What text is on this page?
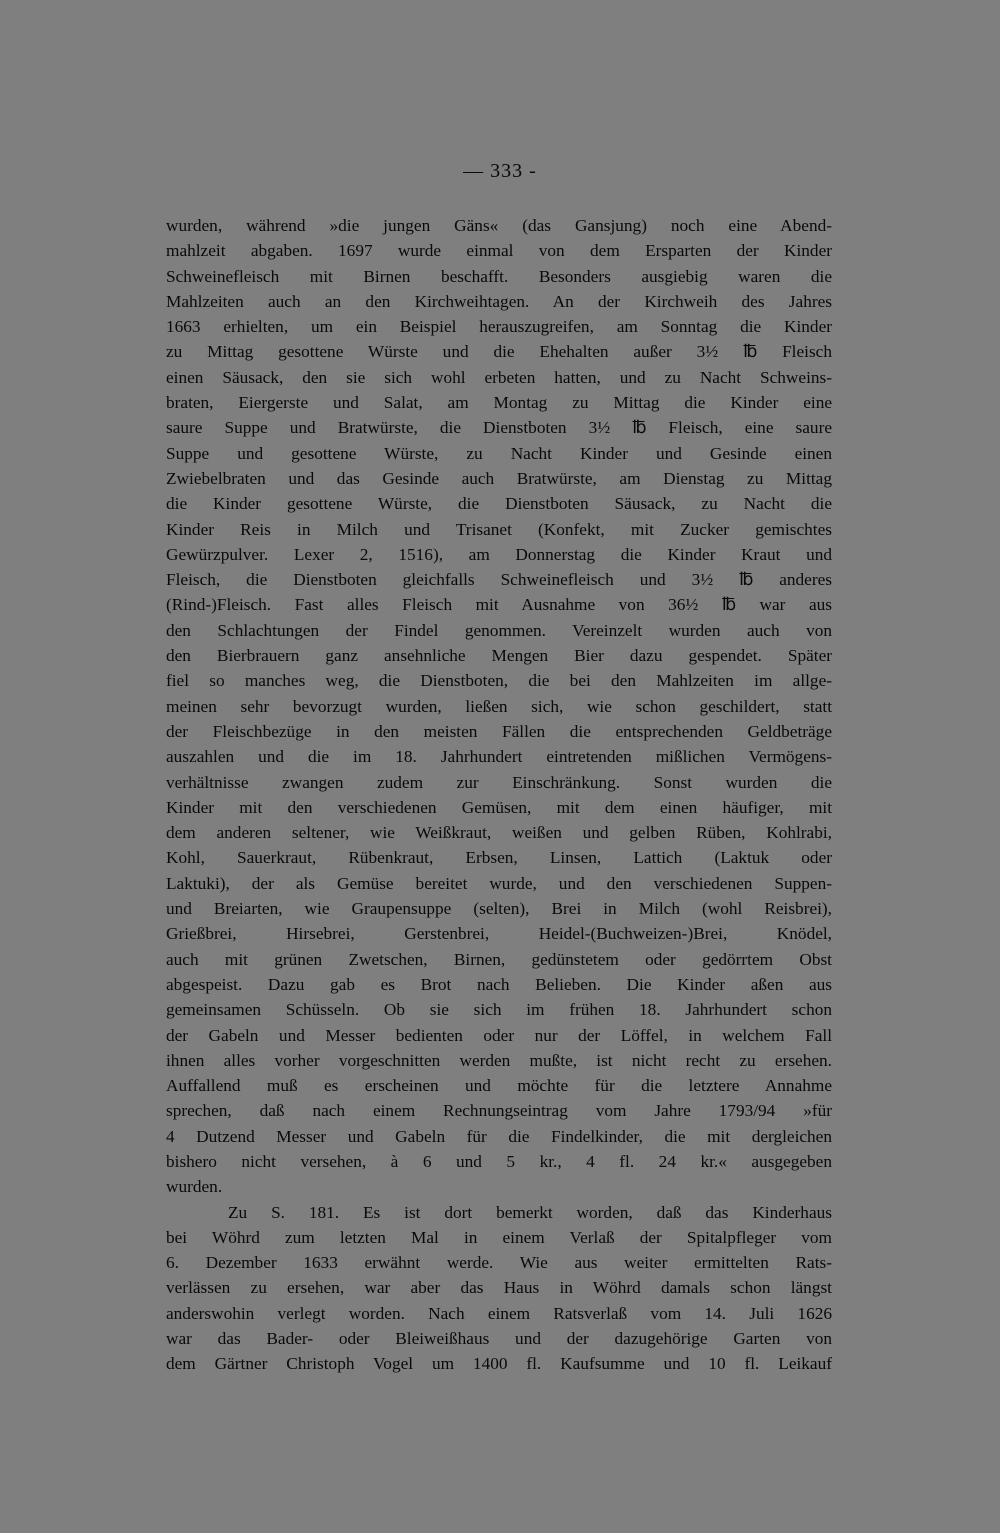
— 333 -
wurden, während »die jungen Gäns« (das Gansjung) noch eine Abend-
mahlzeit abgaben. 1697 wurde einmal von dem Ersparten der Kinder
Schweinefleisch mit Birnen beschafft. Besonders ausgiebig waren die
Mahlzeiten auch an den Kirchweihtagen. An der Kirchweih des Jahres
1663 erhielten, um ein Beispiel herauszugreifen, am Sonntag die Kinder
zu Mittag gesottene Würste und die Ehehalten außer 3½ ℔ Fleisch
einen Säusack, den sie sich wohl erbeten hatten, und zu Nacht Schweins-
braten, Eiergerste und Salat, am Montag zu Mittag die Kinder eine
saure Suppe und Bratwürste, die Dienstboten 3½ ℔ Fleisch, eine saure
Suppe und gesottene Würste, zu Nacht Kinder und Gesinde einen
Zwiebelbraten und das Gesinde auch Bratwürste, am Dienstag zu Mittag
die Kinder gesottene Würste, die Dienstboten Säusack, zu Nacht die
Kinder Reis in Milch und Trisanet (Konfekt, mit Zucker gemischtes
Gewürzpulver. Lexer 2, 1516), am Donnerstag die Kinder Kraut und
Fleisch, die Dienstboten gleichfalls Schweinefleisch und 3½ ℔ anderes
(Rind-)Fleisch. Fast alles Fleisch mit Ausnahme von 36½ ℔ war aus
den Schlachtungen der Findel genommen. Vereinzelt wurden auch von
den Bierbrauern ganz ansehnliche Mengen Bier dazu gespendet. Später
fiel so manches weg, die Dienstboten, die bei den Mahlzeiten im allge-
meinen sehr bevorzugt wurden, ließen sich, wie schon geschildert, statt
der Fleischbezüge in den meisten Fällen die entsprechenden Geldbeträge
auszahlen und die im 18. Jahrhundert eintretenden mißlichen Vermögens-
verhältnisse zwangen zudem zur Einschränkung. Sonst wurden die
Kinder mit den verschiedenen Gemüsen, mit dem einen häufiger, mit
dem anderen seltener, wie Weißkraut, weißen und gelben Rüben, Kohlrabi,
Kohl, Sauerkraut, Rübenkraut, Erbsen, Linsen, Lattich (Laktuk oder
Laktuki), der als Gemüse bereitet wurde, und den verschiedenen Suppen-
und Breiarten, wie Graupensuppe (selten), Brei in Milch (wohl Reisbrei),
Grießbrei, Hirsebrei, Gerstenbrei, Heidel-(Buchweizen-)Brei, Knödel,
auch mit grünen Zwetschen, Birnen, gedünstetem oder gedörrtem Obst
abgespeist. Dazu gab es Brot nach Belieben. Die Kinder aßen aus
gemeinsamen Schüsseln. Ob sie sich im frühen 18. Jahrhundert schon
der Gabeln und Messer bedienten oder nur der Löffel, in welchem Fall
ihnen alles vorher vorgeschnitten werden mußte, ist nicht recht zu ersehen.
Auffallend muß es erscheinen und möchte für die letztere Annahme
sprechen, daß nach einem Rechnungseintrag vom Jahre 1793/94 »für
4 Dutzend Messer und Gabeln für die Findelkinder, die mit dergleichen
bishero nicht versehen, à 6 und 5 kr., 4 fl. 24 kr.« ausgegeben
wurden.
Zu S. 181. Es ist dort bemerkt worden, daß das Kinderhaus
bei Wöhrd zum letzten Mal in einem Verlaß der Spitalpfleger vom
6. Dezember 1633 erwähnt werde. Wie aus weiter ermittelten Rats-
verlässen zu ersehen, war aber das Haus in Wöhrd damals schon längst
anderswohin verlegt worden. Nach einem Ratsverlaß vom 14. Juli 1626
war das Bader- oder Bleiweißhaus und der dazugehörige Garten von
dem Gärtner Christoph Vogel um 1400 fl. Kaufsumme und 10 fl. Leikauf
